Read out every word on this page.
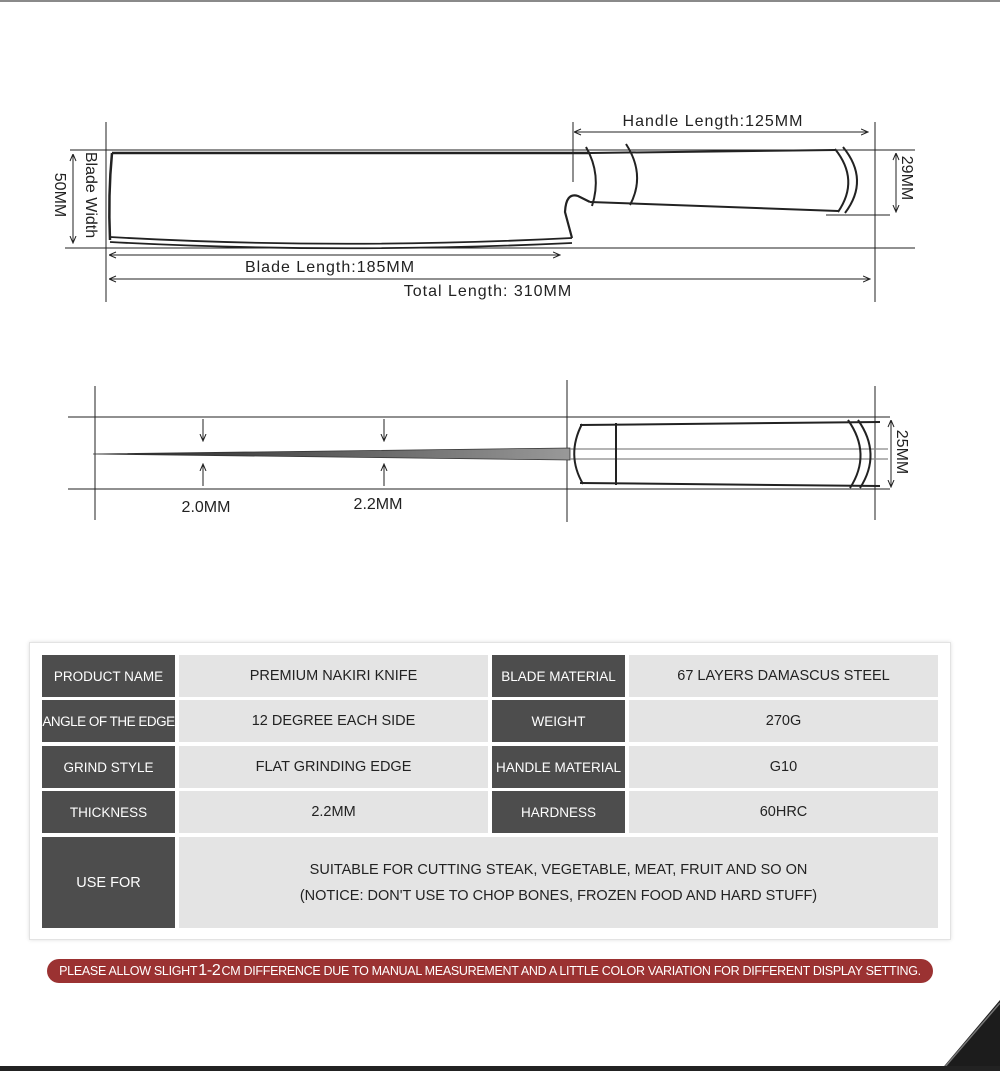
Handle Length:125MM
Blade Length:185MM
Total Length: 310MM
50MM Blade Width	29MM
2.0MM	2.2MM
25MM
PRODUCT NAME	PREMIUM NAKIRI KNIFE	BLADE MATERIAL	67 LAYERS DAMASCUS STEEL
ANGLE OF THE EDGE	12 DEGREE EACH SIDE	WEIGHT	270G
GRIND STYLE	FLAT GRINDING EDGE	HANDLE MATERIAL	G10
THICKNESS	2.2MM	HARDNESS	60HRC
USE FOR
SUITABLE FOR CUTTING STEAK, VEGETABLE, MEAT, FRUIT AND SO ON
(NOTICE: DON'T USE TO CHOP BONES, FROZEN FOOD AND HARD STUFF)
PLEASE ALLOW SLIGHT 1-2 CM DIFFERENCE DUE TO MANUAL MEASUREMENT AND A LITTLE COLOR VARIATION FOR DIFFERENT DISPLAY SETTING.
